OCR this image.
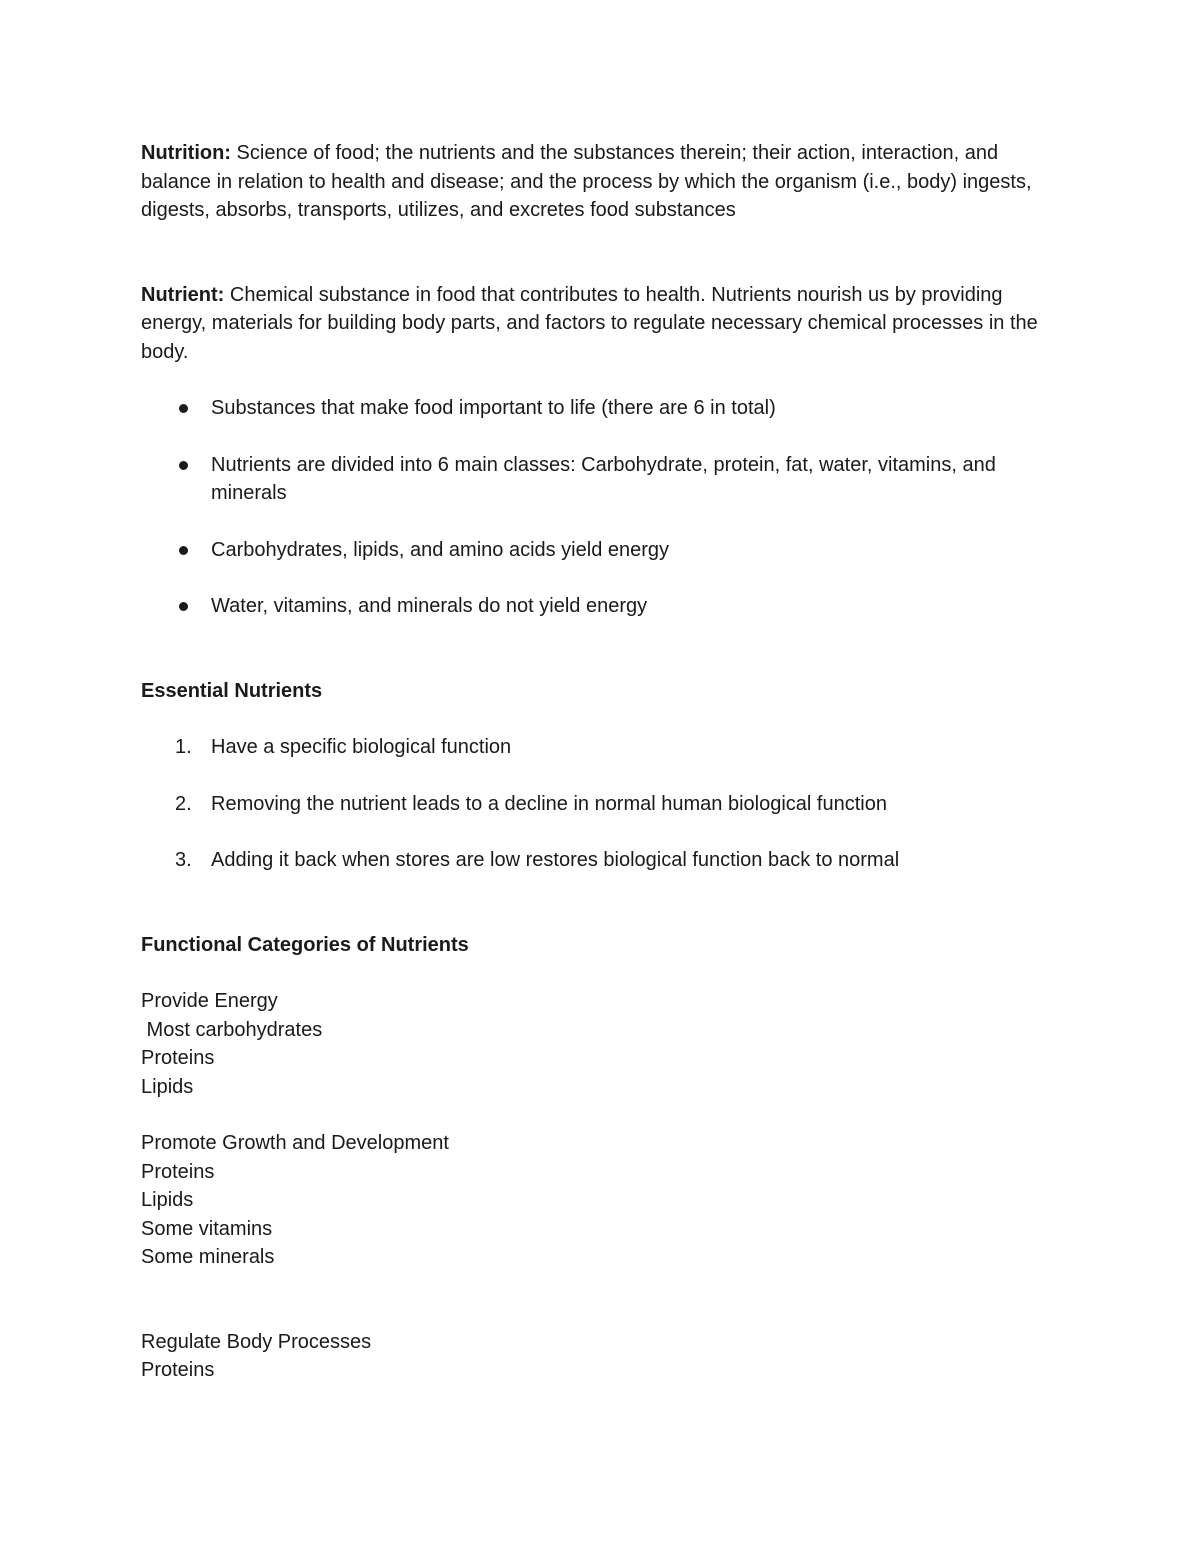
Nutrition: Science of food; the nutrients and the substances therein; their action, interaction, and balance in relation to health and disease; and the process by which the organism (i.e., body) ingests, digests, absorbs, transports, utilizes, and excretes food substances

Nutrient: Chemical substance in food that contributes to health. Nutrients nourish us by providing energy, materials for building body parts, and factors to regulate necessary chemical processes in the body.

Substances that make food important to life (there are 6 in total)
Nutrients are divided into 6 main classes: Carbohydrate, protein, fat, water, vitamins, and minerals
Carbohydrates, lipids, and amino acids yield energy
Water, vitamins, and minerals do not yield energy
Essential Nutrients
1. Have a specific biological function
2. Removing the nutrient leads to a decline in normal human biological function
3. Adding it back when stores are low restores biological function back to normal
Functional Categories of Nutrients
Provide Energy
Most carbohydrates
Proteins
Lipids
Promote Growth and Development
Proteins
Lipids
Some vitamins
Some minerals
Regulate Body Processes
Proteins
